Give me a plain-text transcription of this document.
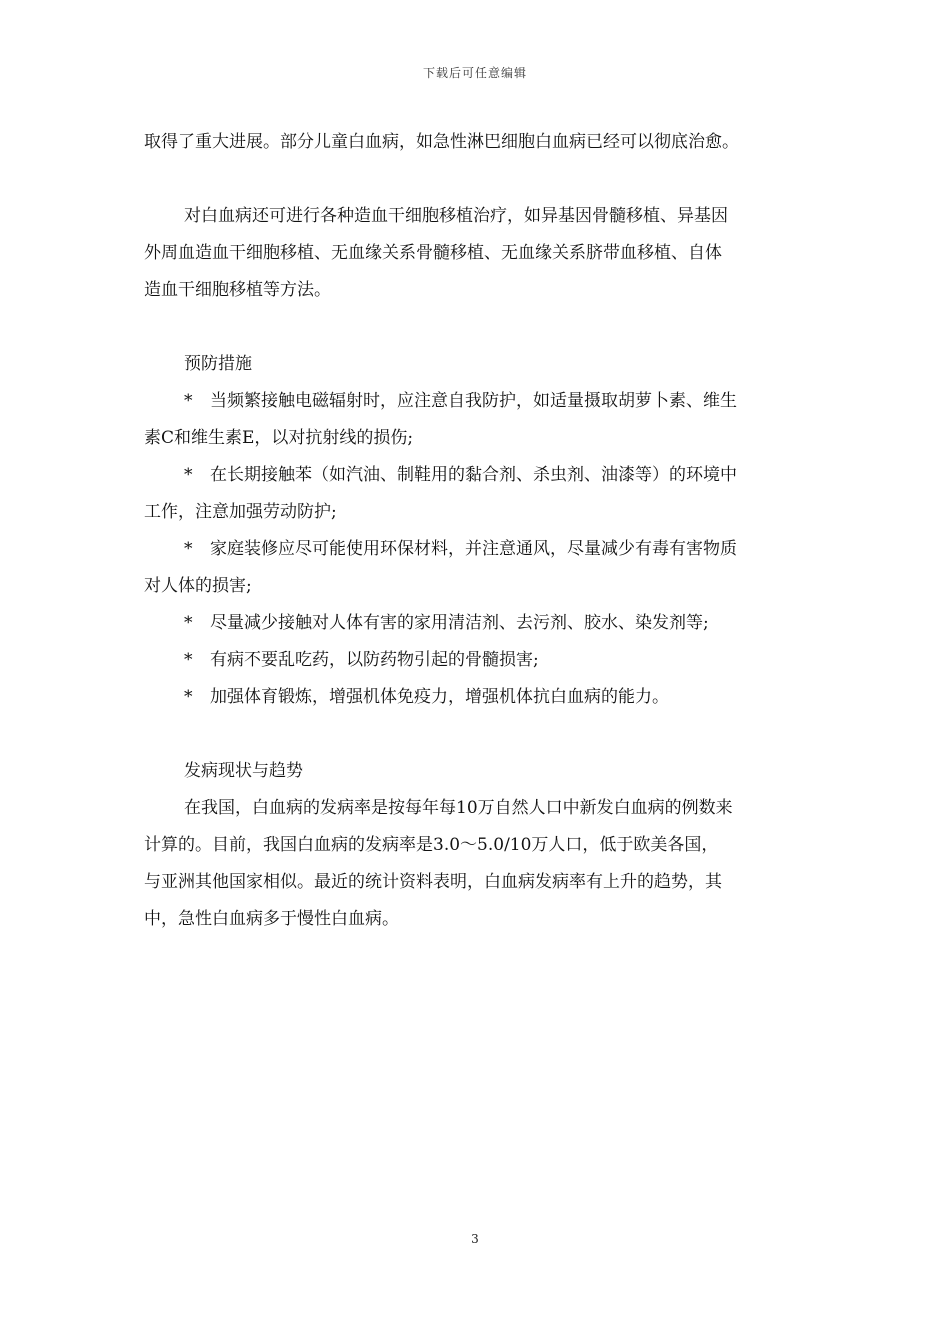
下载后可任意编辑

取得了重大进展。部分儿童白血病，如急性淋巴细胞白血病已经可以彻底治愈。

对白血病还可进行各种造血干细胞移植治疗，如异基因骨髓移植、异基因

外周血造血干细胞移植、无血缘关系骨髓移植、无血缘关系脐带血移植、自体

造血干细胞移植等方法。

预防措施

* 当频繁接触电磁辐射时，应注意自我防护，如适量摄取胡萝卜素、维生

素C和维生素E，以对抗射线的损伤;

* 在长期接触苯（如汽油、制鞋用的黏合剂、杀虫剂、油漆等）的环境中

工作，注意加强劳动防护;

* 家庭装修应尽可能使用环保材料，并注意通风，尽量减少有毒有害物质

对人体的损害;

* 尽量减少接触对人体有害的家用清洁剂、去污剂、胶水、染发剂等;

* 有病不要乱吃药，以防药物引起的骨髓损害;

* 加强体育锻炼，增强机体免疫力，增强机体抗白血病的能力。

发病现状与趋势

在我国，白血病的发病率是按每年每10万自然人口中新发白血病的例数来

计算的。目前，我国白血病的发病率是3.0～5.0/10万人口，低于欧美各国，

与亚洲其他国家相似。最近的统计资料表明，白血病发病率有上升的趋势，其

中，急性白血病多于慢性白血病。

3
